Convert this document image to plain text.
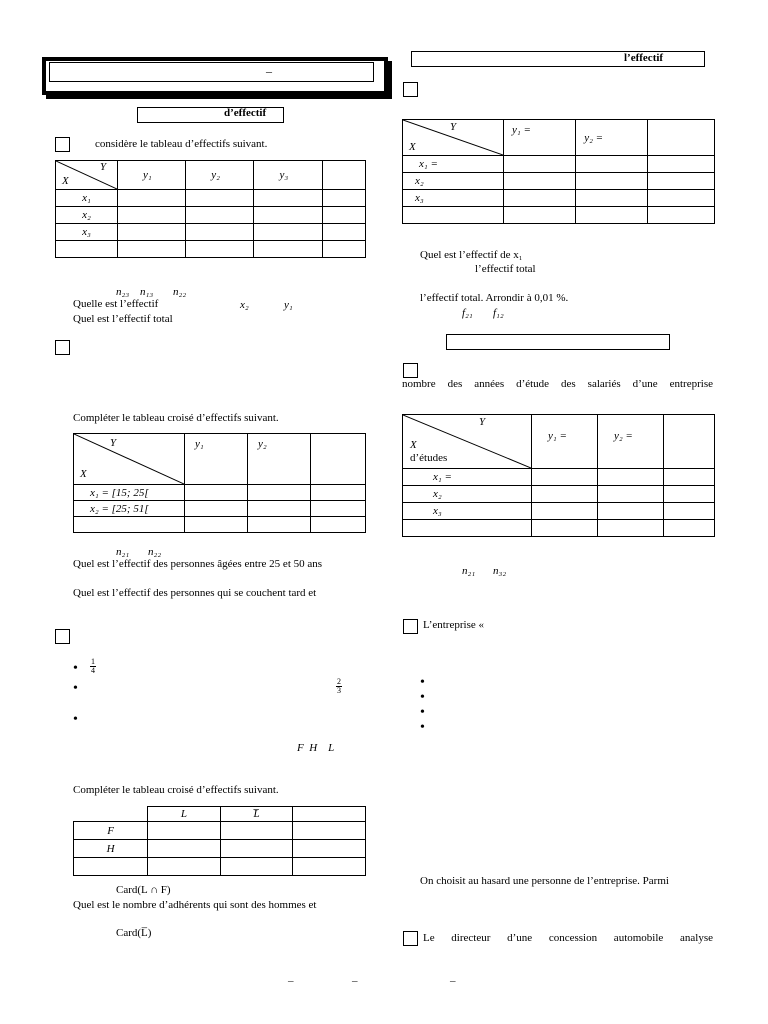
–
d’effectif
considère le tableau d’effectifs suivant.
Y
X	y₁	y₂	y₃	
x₁				
x₂				
x₃				

n₂₃ n₁₃ n₂₂
Quelle est l’effectif	x₂	y₁
Quel est l’effectif total
Compléter le tableau croisé d’effectifs suivant.
Y
X	y₁	y₂	
x₁ = [15; 25[			
x₂ = [25; 51[			

n₂₁ n₂₂
Quel est l’effectif des personnes âgées entre 25 et 50 ans
Quel est l’effectif des personnes qui se couchent tard et
• $\frac{1}{4}$
•	$\frac{2}{3}$
•
F  H    L
Compléter le tableau croisé d’effectifs suivant.
	L	L̅	
F			
H			

Card(L ∩ F)
Quel est le nombre d’adhérents qui sont des hommes et
Card(L̅)
l’effectif
Y
X	y₁ =	y₂ =	
x₁ =			
x₂			
x₃			

Quel est l’effectif de x₁
l’effectif total
l’effectif total. Arrondir à 0,01 %.
f₂₁ f₁₂
nombre des années d’étude des salariés d’une entreprise
Y
X
d’études	y₁ =	y₂ =	
x₁ =			
x₂			
x₃			

n₂₁ n₃₂
L’entreprise «
•
•
•
•
On choisit au hasard une personne de l’entreprise. Parmi
Le directeur d’une concession automobile analyse
–	–	–
